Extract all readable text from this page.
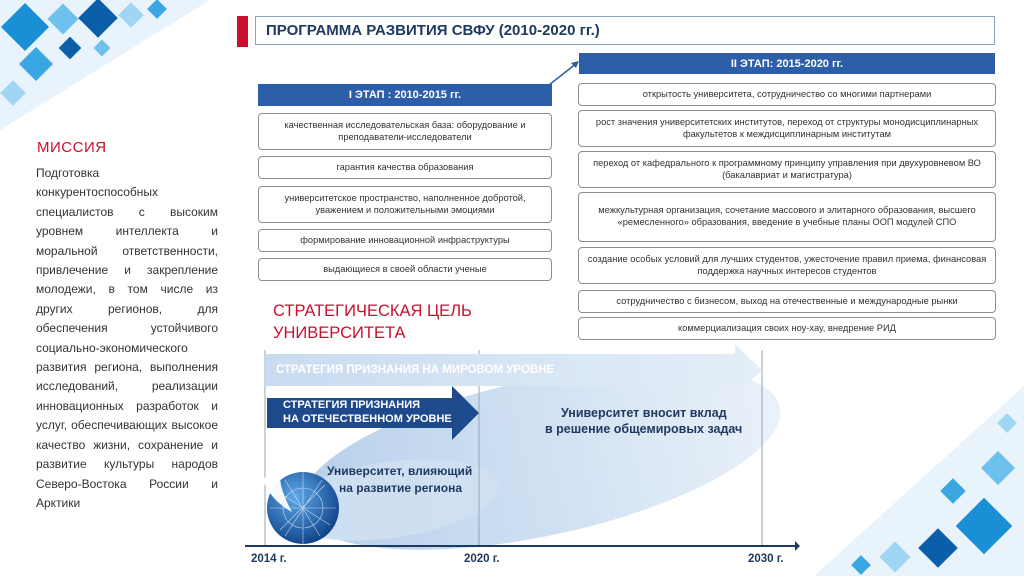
ПРОГРАММА РАЗВИТИЯ СВФУ (2010-2020 гг.)
МИССИЯ
Подготовка конкурентоспособных специалистов с высоким уровнем интеллекта и моральной ответственности, привлечение и закрепление молодежи, в том числе из других регионов, для обеспечения устойчивого социально-экономического развития региона, выполнения исследований, реализации инновационных разработок и услуг, обеспечивающих высокое качество жизни, сохранение и развитие культуры народов Северо-Востока России и Арктики
I ЭТАП : 2010-2015 гг.
качественная исследовательская база: оборудование и преподаватели-исследователи
гарантия качества образования
университетское пространство, наполненное добротой, уважением и положительными эмоциями
формирование инновационной инфраструктуры
выдающиеся в своей области ученые
II ЭТАП: 2015-2020 гг.
открытость университета, сотрудничество со многими партнерами
рост значения университетских институтов, переход от структуры монодисциплинарных факультетов к междисциплинарным институтам
переход от кафедрального к программному принципу управления при двухуровневом ВО (бакалавриат и магистратура)
межкультурная организация, сочетание массового и элитарного образования, высшего «ремесленного» образования, введение в учебные планы ООП модулей СПО
создание особых условий для лучших студентов, ужесточение правил приема, финансовая поддержка научных интересов студентов
сотрудничество с бизнесом, выход на отечественные и международные рынки
коммерциализация своих ноу-хау, внедрение РИД
СТРАТЕГИЧЕСКАЯ ЦЕЛЬ УНИВЕРСИТЕТА
СТРАТЕГИЯ ПРИЗНАНИЯ НА МИРОВОМ УРОВНЕ
СТРАТЕГИЯ ПРИЗНАНИЯ
НА ОТЕЧЕСТВЕННОМ УРОВНЕ	Университет вносит вклад
в решение общемировых задач
Университет, влияющий
на развитие региона
2014 г.	2020 г.	2030 г.
